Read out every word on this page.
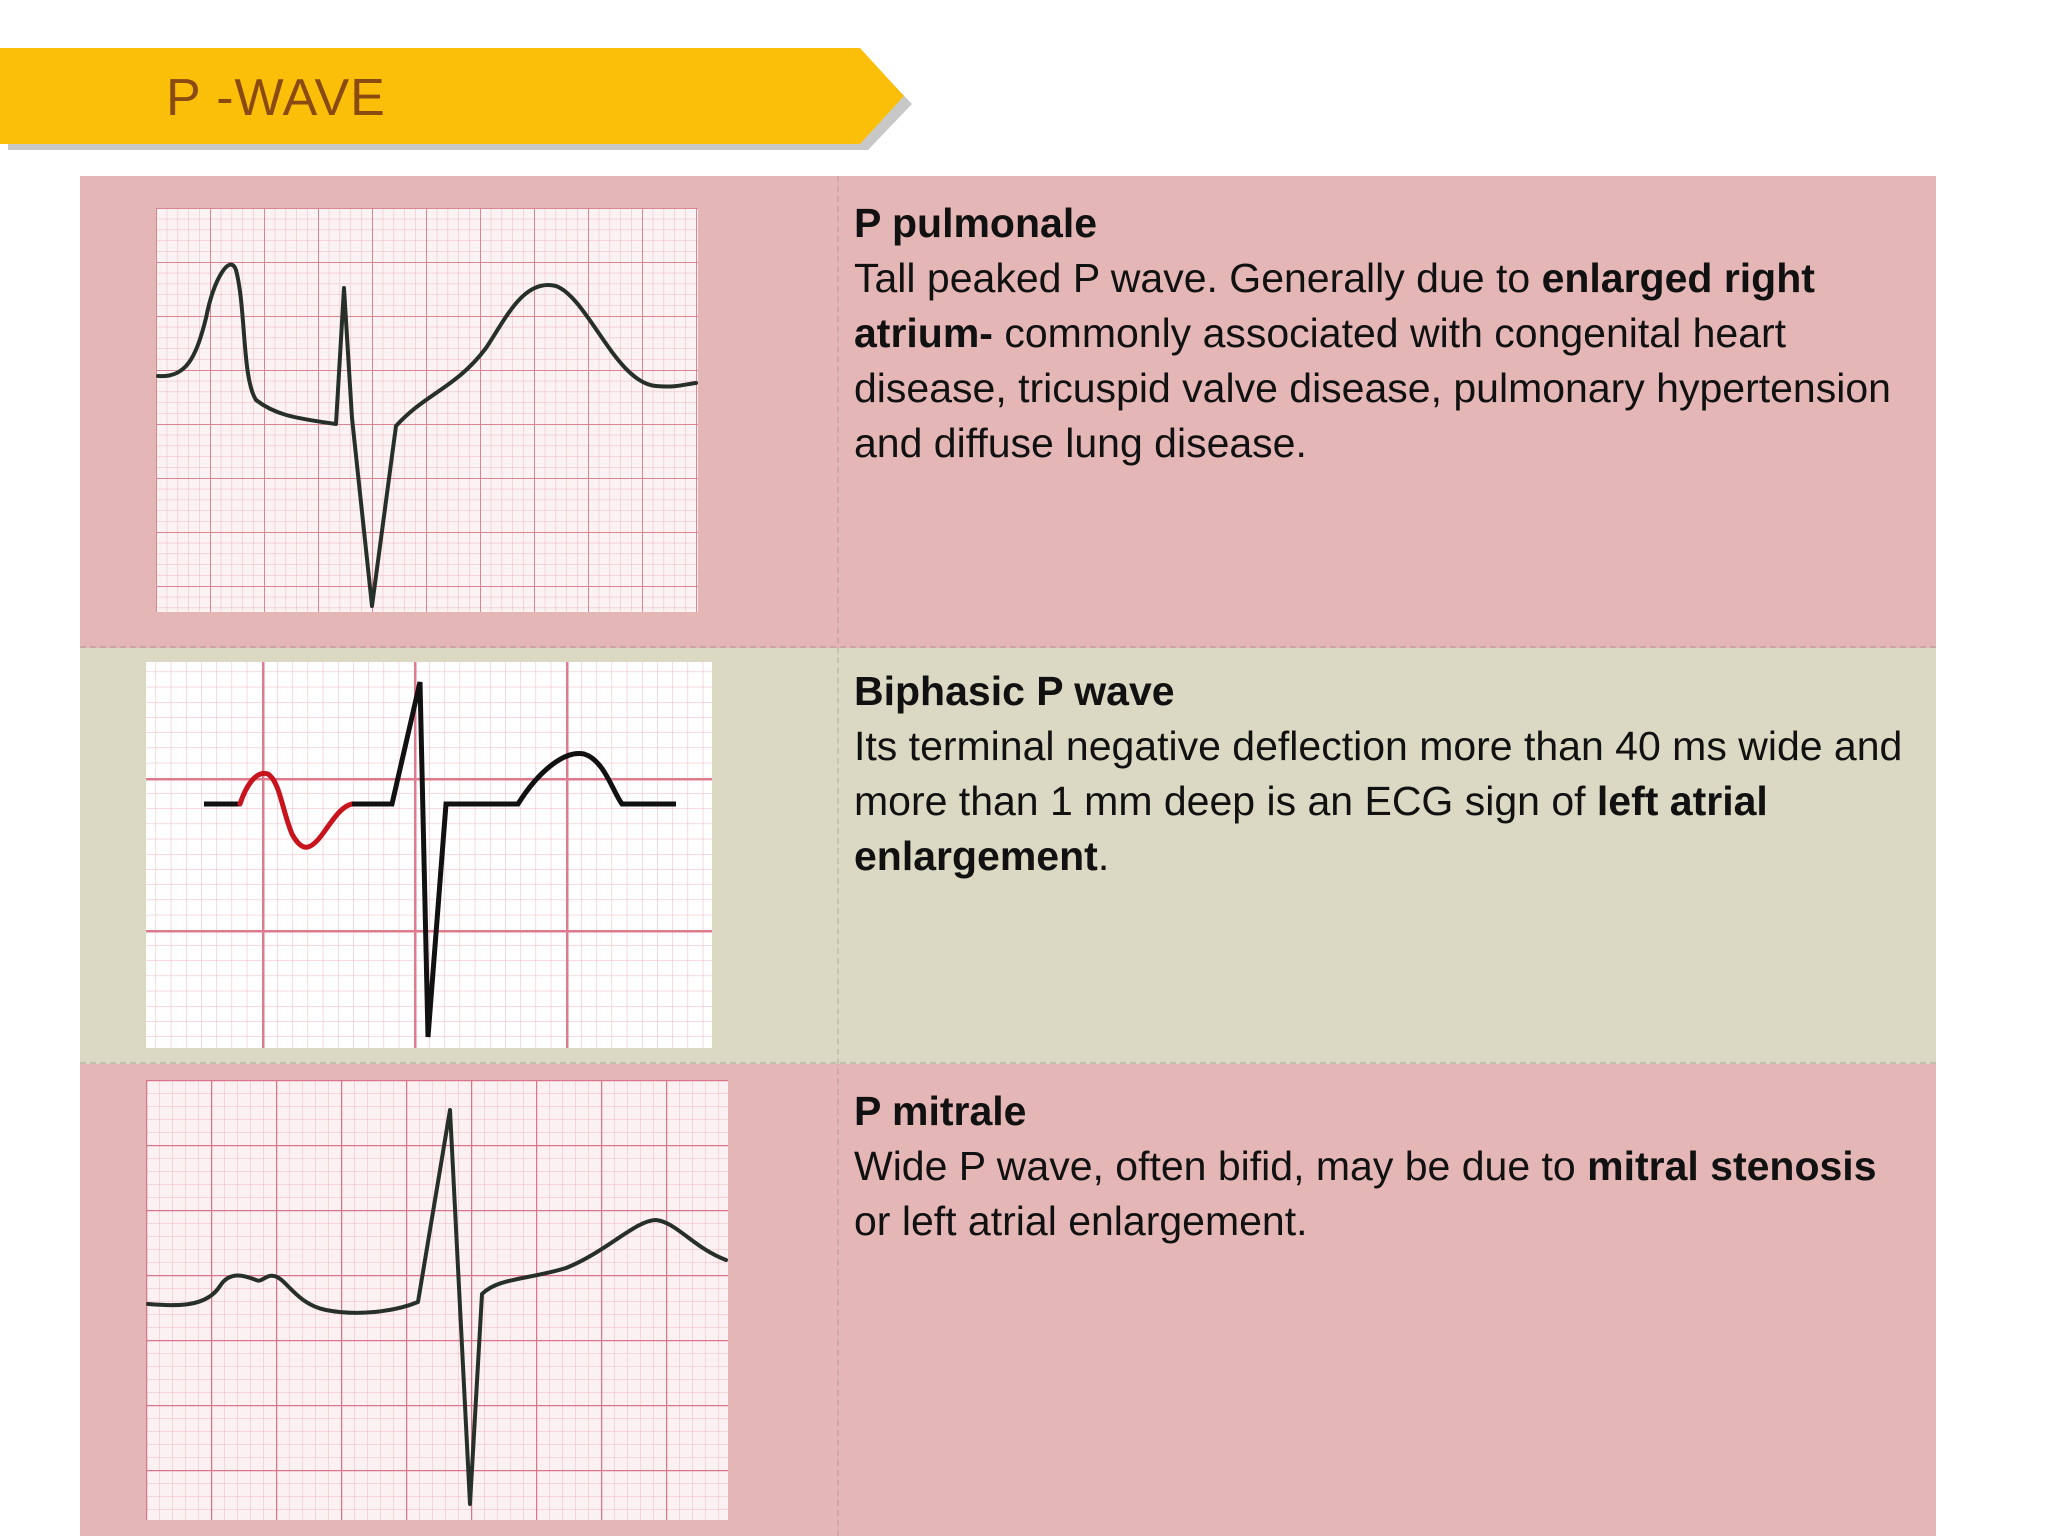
P -WAVE
P pulmonale
Tall peaked P wave. Generally due to enlarged right atrium- commonly associated with congenital heart disease, tricuspid valve disease, pulmonary hypertension and diffuse lung disease.
Biphasic P wave
Its terminal negative deflection more than 40 ms wide and more than 1 mm deep is an ECG sign of left atrial enlargement.
P mitrale
Wide P wave, often bifid, may be due to mitral stenosis or left atrial enlargement.
